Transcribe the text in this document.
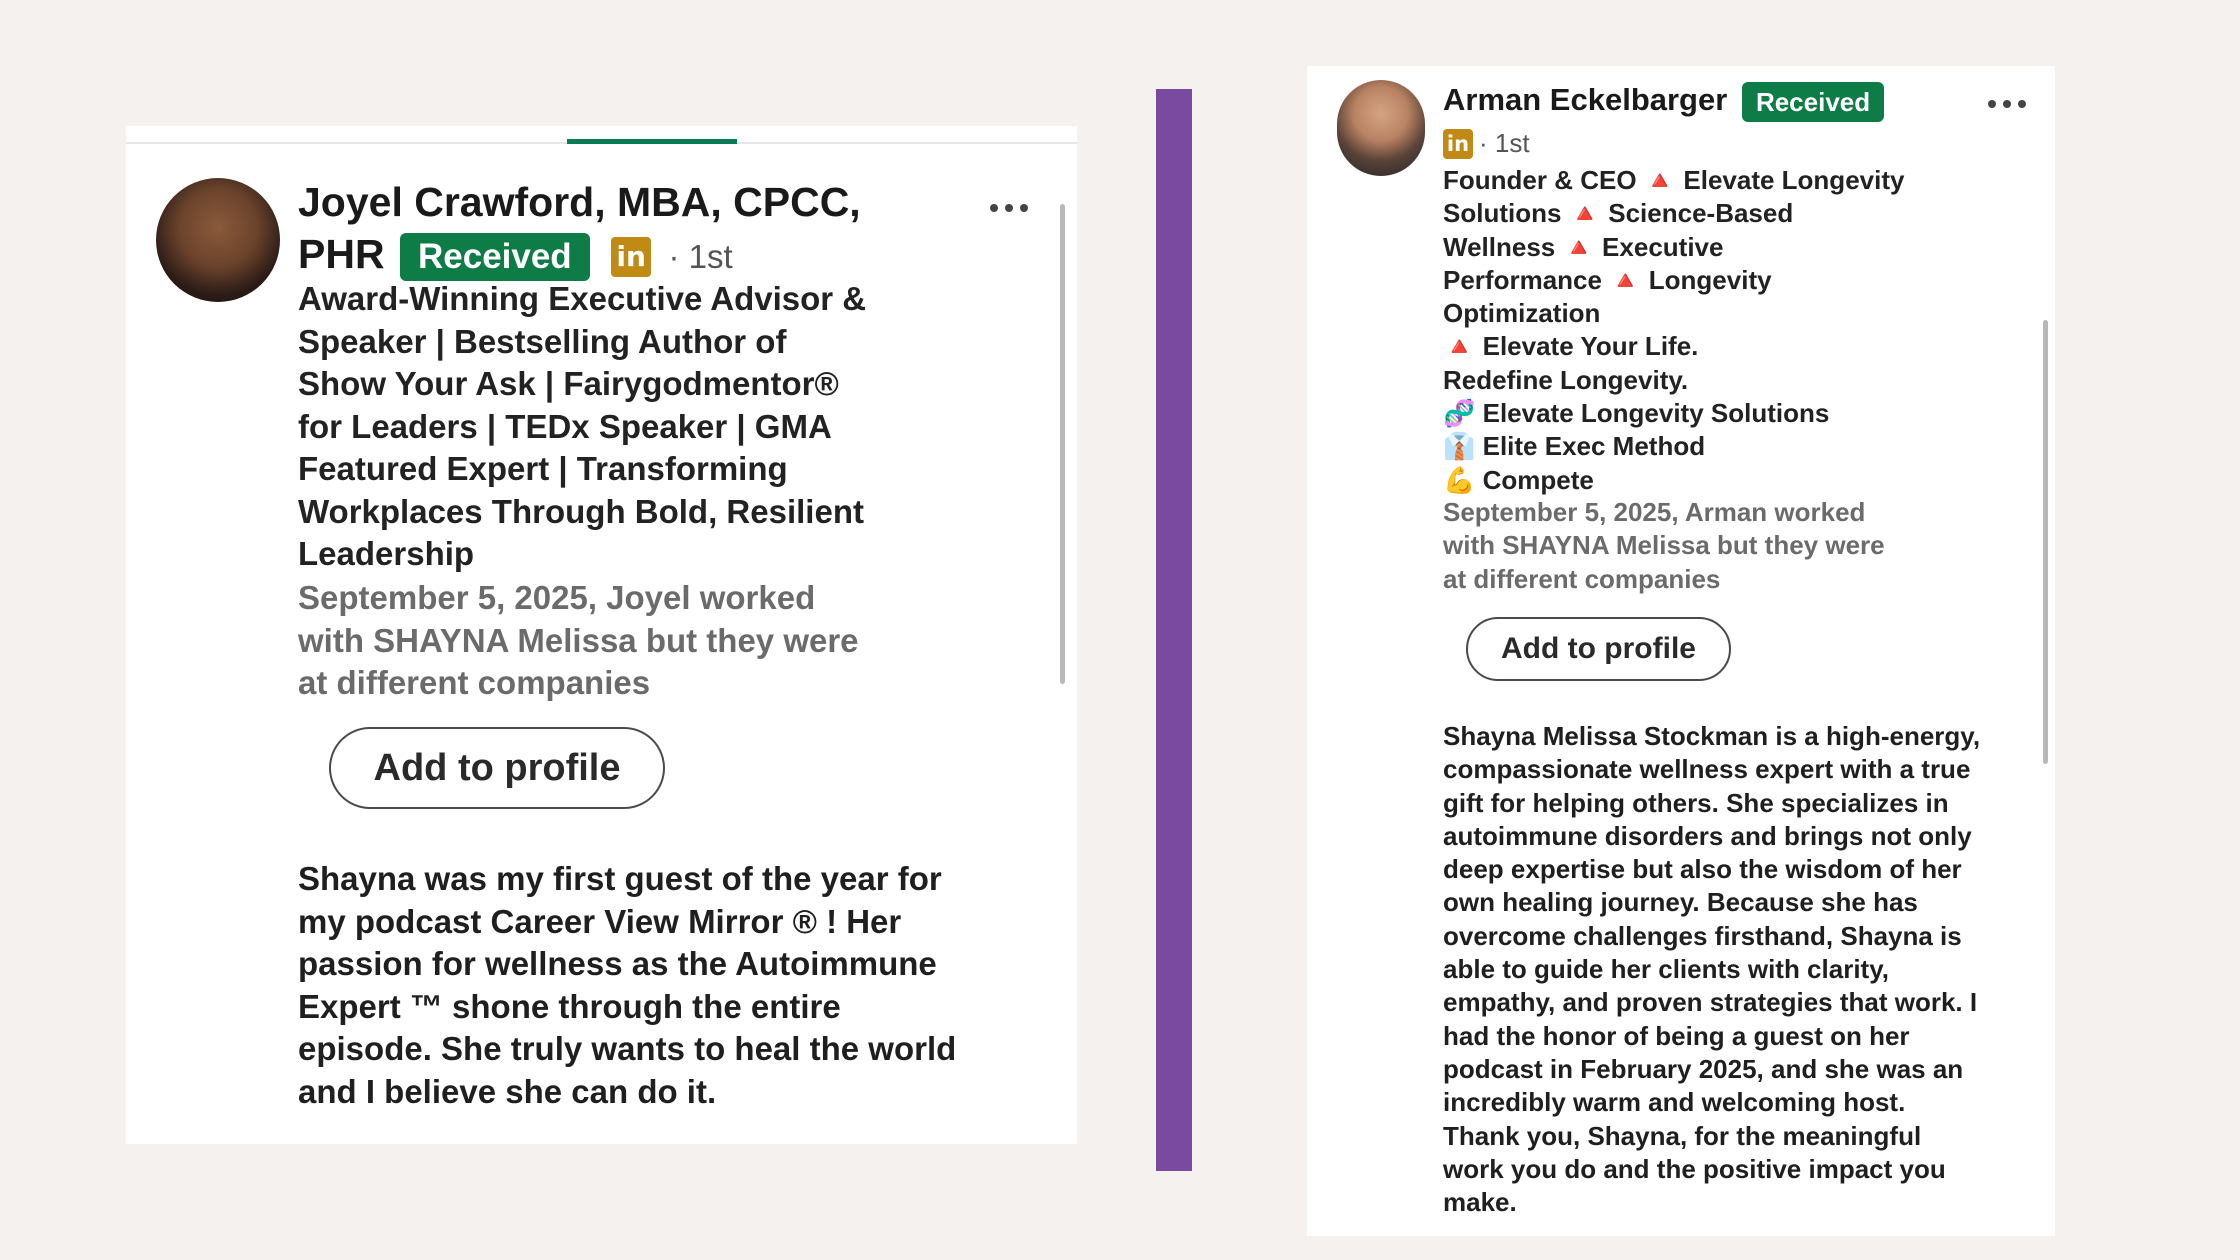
Joyel Crawford, MBA, CPCC, PHR Received in · 1st
Award-Winning Executive Advisor &
Speaker | Bestselling Author of
Show Your Ask | Fairygodmentor®
for Leaders | TEDx Speaker | GMA
Featured Expert | Transforming
Workplaces Through Bold, Resilient
Leadership
September 5, 2025, Joyel worked
with SHAYNA Melissa but they were
at different companies
Add to profile
Shayna was my first guest of the year for
my podcast Career View Mirror ® ! Her
passion for wellness as the Autoimmune
Expert ™ shone through the entire
episode. She truly wants to heal the world
and I believe she can do it.
Arman Eckelbarger Received
in · 1st
Founder & CEO 🔺 Elevate Longevity
Solutions 🔺 Science-Based
Wellness 🔺 Executive
Performance 🔺 Longevity
Optimization
🔺 Elevate Your Life.
Redefine Longevity.
🧬 Elevate Longevity Solutions
👔 Elite Exec Method
💪 Compete
September 5, 2025, Arman worked
with SHAYNA Melissa but they were
at different companies
Add to profile
Shayna Melissa Stockman is a high-energy,
compassionate wellness expert with a true
gift for helping others. She specializes in
autoimmune disorders and brings not only
deep expertise but also the wisdom of her
own healing journey. Because she has
overcome challenges firsthand, Shayna is
able to guide her clients with clarity,
empathy, and proven strategies that work. I
had the honor of being a guest on her
podcast in February 2025, and she was an
incredibly warm and welcoming host.
Thank you, Shayna, for the meaningful
work you do and the positive impact you
make.
